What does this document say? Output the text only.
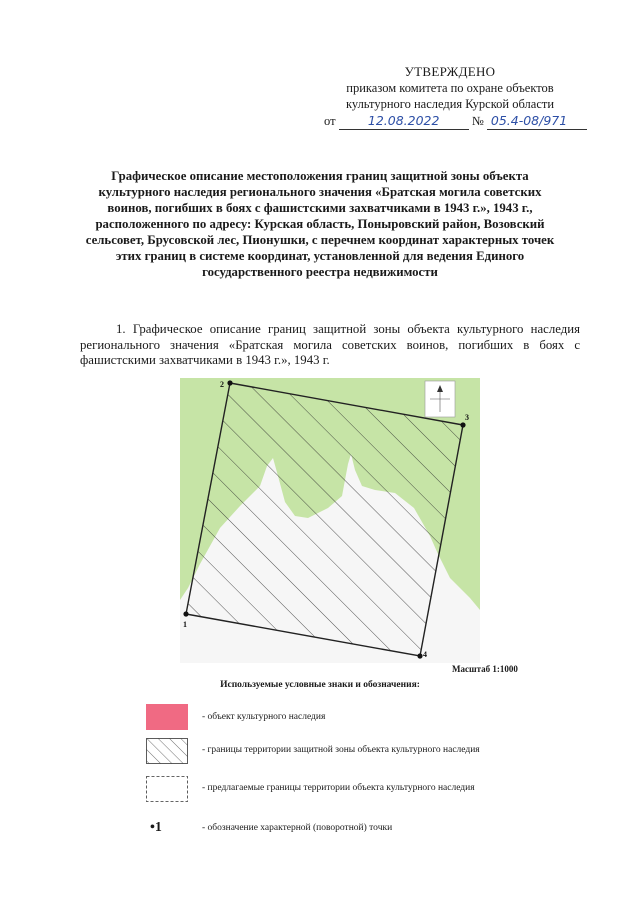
УТВЕРЖДЕНО
приказом комитета по охране объектов
культурного наследия Курской области
от	12.08.2022	№ 05.4-08/971
Графическое описание местоположения границ защитной зоны объекта культурного наследия регионального значения «Братская могила советских воинов, погибших в боях с фашистскими захватчиками в 1943 г.», 1943 г., расположенного по адресу: Курская область, Поныровский район, Возовский сельсовет, Брусовской лес, Пионушки, с перечнем координат характерных точек этих границ в системе координат, установленной для ведения Единого государственного реестра недвижимости
1. Графическое описание границ защитной зоны объекта культурного наследия регионального значения «Братская могила советских воинов, погибших в боях с фашистскими захватчиками в 1943 г.», 1943 г.
1
2
3
4
Масштаб 1:1000
Используемые условные знаки и обозначения:
- объект культурного наследия
- границы территории защитной зоны объекта культурного наследия
- предлагаемые границы территории объекта культурного наследия
•1	- обозначение характерной (поворотной) точки
